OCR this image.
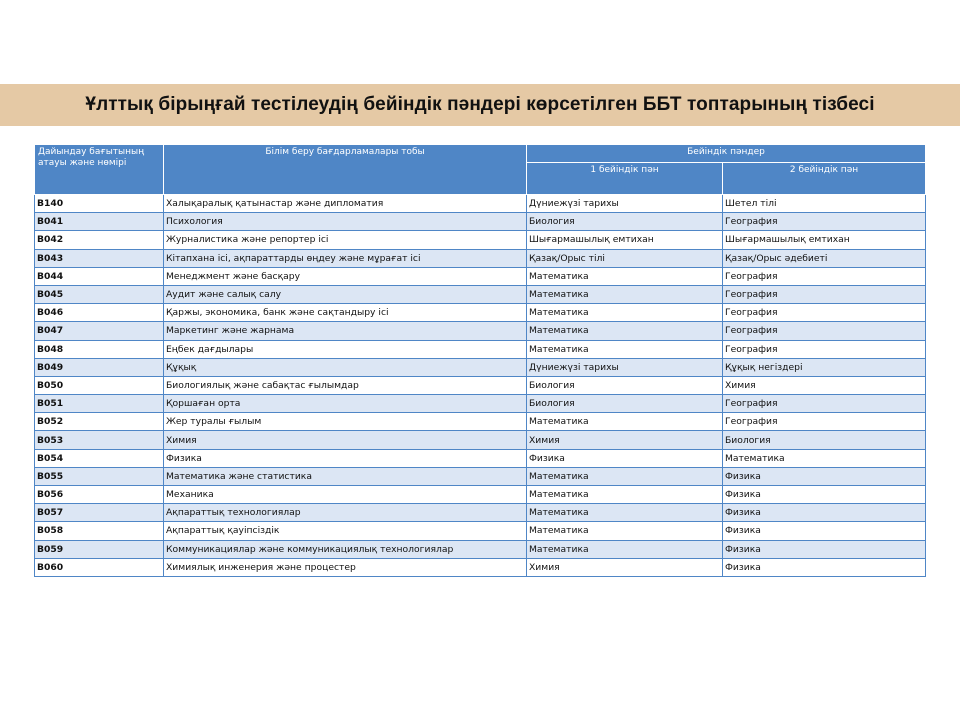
Ұлттық бірыңғай тестілеудің бейіндік пәндері көрсетілген ББТ топтарының тізбесі
Дайындау бағытының атауы және нөмірі	Білім беру бағдарламалары тобы	Бейіндік пәндер	
		1 бейіндік пән	2 бейіндік пән
B140	Халықаралық қатынастар және дипломатия	Дүниежүзі тарихы	Шетел тілі
B041	Психология	Биология	География
B042	Журналистика және репортер ісі	Шығармашылық емтихан	Шығармашылық емтихан
B043	Кітапхана ісі, ақпараттарды өңдеу және мұрағат ісі	Қазақ/Орыс тілі	Қазақ/Орыс әдебиеті
B044	Менеджмент және басқару	Математика	География
B045	Аудит және салық салу	Математика	География
B046	Қаржы, экономика, банк және сақтандыру ісі	Математика	География
B047	Маркетинг және жарнама	Математика	География
B048	Еңбек дағдылары	Математика	География
B049	Құқық	Дүниежүзі тарихы	Құқық негіздері
B050	Биологиялық және сабақтас ғылымдар	Биология	Химия
B051	Қоршаған орта	Биология	География
B052	Жер туралы ғылым	Математика	География
B053	Химия	Химия	Биология
B054	Физика	Физика	Математика
B055	Математика және статистика	Математика	Физика
B056	Механика	Математика	Физика
B057	Ақпараттық технологиялар	Математика	Физика
B058	Ақпараттық қауіпсіздік	Математика	Физика
B059	Коммуникациялар және коммуникациялық технологиялар	Математика	Физика
B060	Химиялық инженерия және процестер	Химия	Физика
